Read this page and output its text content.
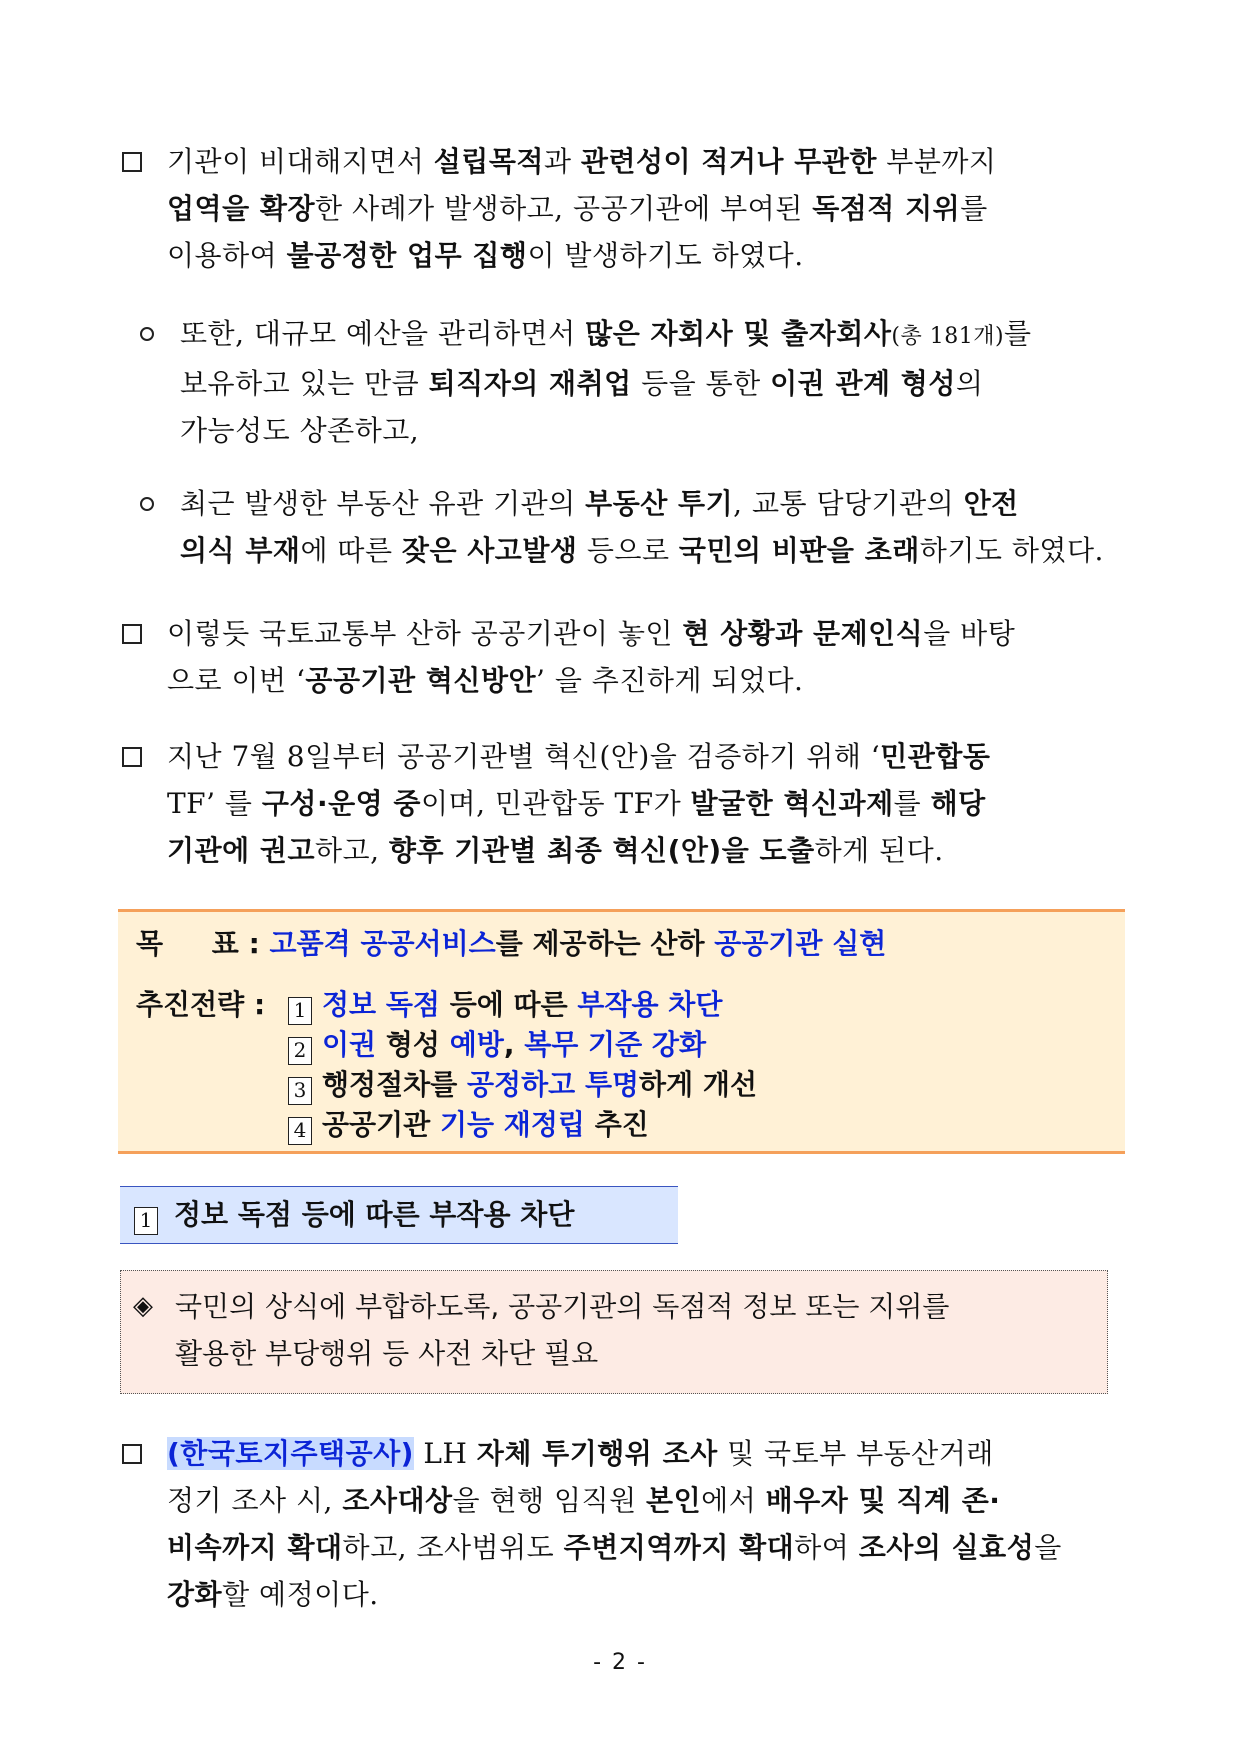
기관이 비대해지면서 설립목적과 관련성이 적거나 무관한 부분까지
업역을 확장한 사례가 발생하고, 공공기관에 부여된 독점적 지위를
이용하여 불공정한 업무 집행이 발생하기도 하였다.
또한, 대규모 예산을 관리하면서 많은 자회사 및 출자회사(총 181개)를
보유하고 있는 만큼 퇴직자의 재취업 등을 통한 이권 관계 형성의
가능성도 상존하고,
최근 발생한 부동산 유관 기관의 부동산 투기, 교통 담당기관의 안전
의식 부재에 따른 잦은 사고발생 등으로 국민의 비판을 초래하기도 하였다.
이렇듯 국토교통부 산하 공공기관이 놓인 현 상황과 문제인식을 바탕
으로 이번 ‘공공기관 혁신방안’ 을 추진하게 되었다.
지난 7월 8일부터 공공기관별 혁신(안)을 검증하기 위해 ‘민관합동
TF’ 를 구성·운영 중이며, 민관합동 TF가 발굴한 혁신과제를 해당
기관에 권고하고, 향후 기관별 최종 혁신(안)을 도출하게 된다.
목     표 : 고품격 공공서비스를 제공하는 산하 공공기관 실현
추진전략 : 1 정보 독점 등에 따른 부작용 차단
2 이권 형성 예방, 복무 기준 강화
3 행정절차를 공정하고 투명하게 개선
4 공공기관 기능 재정립 추진
1 정보 독점 등에 따른 부작용 차단
◈ 국민의 상식에 부합하도록, 공공기관의 독점적 정보 또는 지위를
활용한 부당행위 등 사전 차단 필요
(한국토지주택공사) LH 자체 투기행위 조사 및 국토부 부동산거래
정기 조사 시, 조사대상을 현행 임직원 본인에서 배우자 및 직계 존·
비속까지 확대하고, 조사범위도 주변지역까지 확대하여 조사의 실효성을
강화할 예정이다.
- 2 -
